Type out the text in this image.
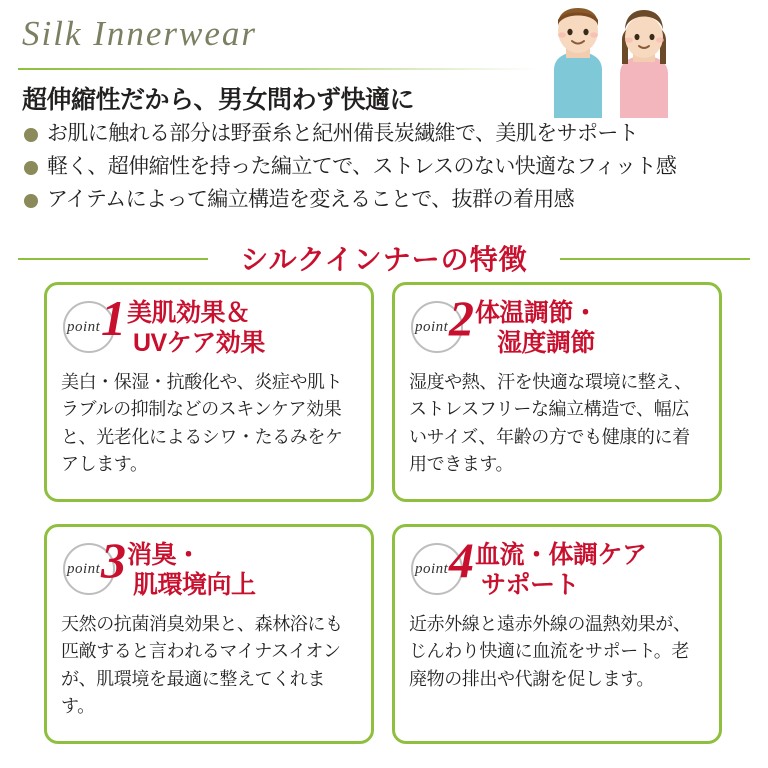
Silk Innerwear
超伸縮性だから、男女問わず快適に
お肌に触れる部分は野蚕糸と紀州備長炭繊維で、美肌をサポート
軽く、超伸縮性を持った編立てで、ストレスのない快適なフィット感
アイテムによって編立構造を変えることで、抜群の着用感
シルクインナーの特徴
point 1 美肌効果＆
UVケア効果
美白・保湿・抗酸化や、炎症や肌トラブルの抑制などのスキンケア効果と、光老化によるシワ・たるみをケアします。
point 2 体温調節・
湿度調節
湿度や熱、汗を快適な環境に整え、ストレスフリーな編立構造で、幅広いサイズ、年齢の方でも健康的に着用できます。
point 3 消臭・
肌環境向上
天然の抗菌消臭効果と、森林浴にも匹敵すると言われるマイナスイオンが、肌環境を最適に整えてくれます。
point 4 血流・体調ケア
サポート
近赤外線と遠赤外線の温熱効果が、じんわり快適に血流をサポート。老廃物の排出や代謝を促します。
